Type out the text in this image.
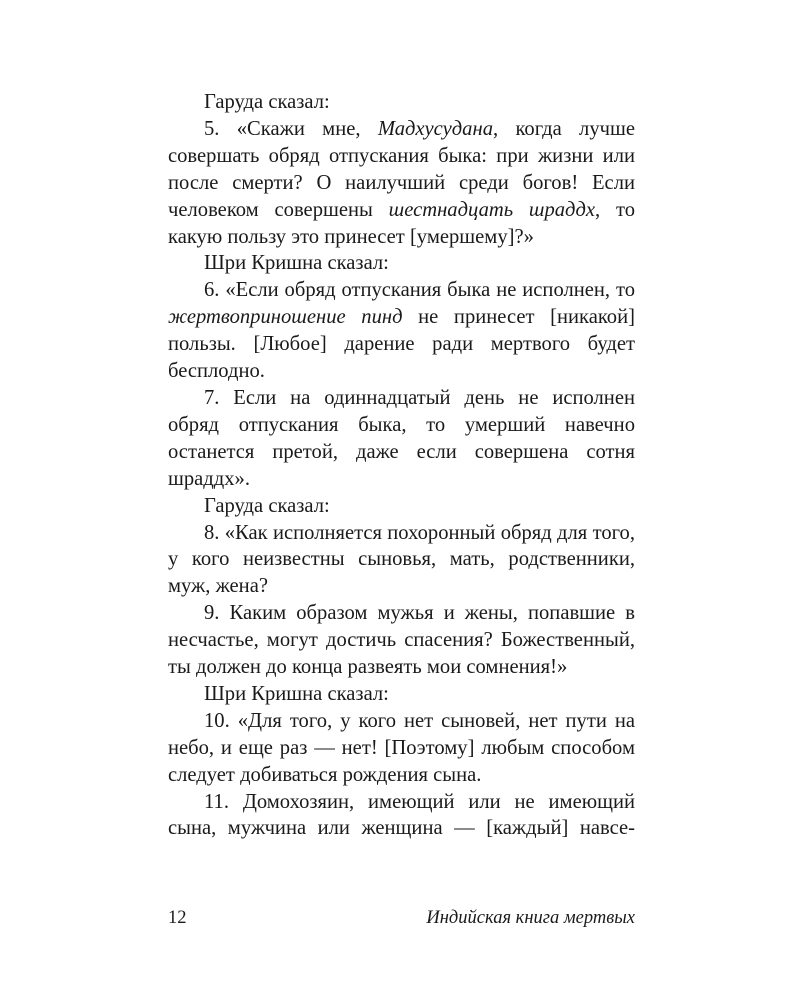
Гаруда сказал:

5. «Скажи мне, Мадхусудана, когда лучше совершать обряд отпускания быка: при жизни или после смерти? О наилучший среди богов! Если человеком совершены шестнадцать шраддх, то какую пользу это принесет [умершему]?»

Шри Кришна сказал:

6. «Если обряд отпускания быка не исполнен, то жертвоприношение пинд не принесет [никакой] пользы. [Любое] дарение ради мертвого будет бесплодно.

7. Если на одиннадцатый день не исполнен обряд отпускания быка, то умерший навечно останется претой, даже если совершена сотня шраддх».

Гаруда сказал:

8. «Как исполняется похоронный обряд для того, у кого неизвестны сыновья, мать, родственники, муж, жена?

9. Каким образом мужья и жены, попавшие в несчастье, могут достичь спасения? Божественный, ты должен до конца развеять мои сомнения!»

Шри Кришна сказал:

10. «Для того, у кого нет сыновей, нет пути на небо, и еще раз — нет! [Поэтому] любым способом следует добиваться рождения сына.

11. Домохозяин, имеющий или не имеющий сына, мужчина или женщина — [каждый] навсе-

12	Индийская книга мертвых
